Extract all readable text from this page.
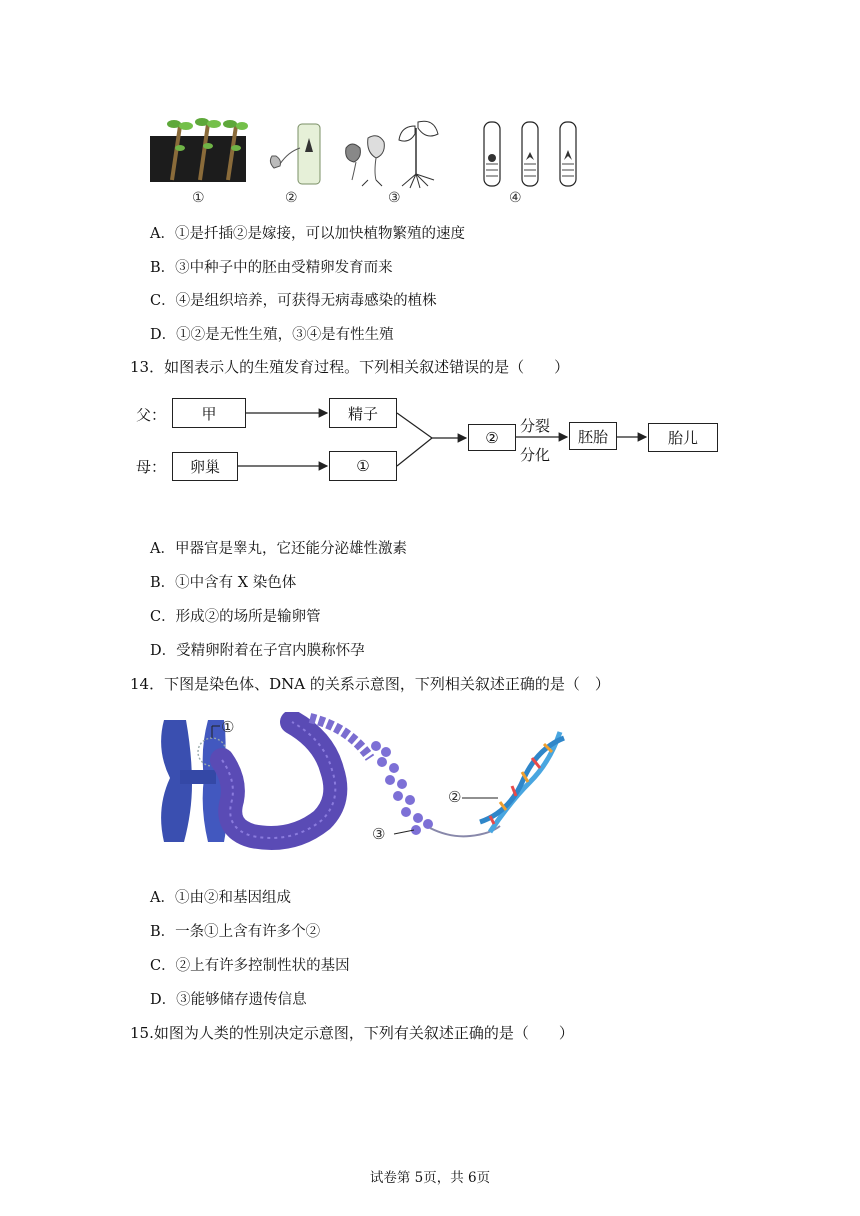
①	②	③	④
A．①是扦插②是嫁接，可以加快植物繁殖的速度
B．③中种子中的胚由受精卵发育而来
C．④是组织培养，可获得无病毒感染的植株
D．①②是无性生殖，③④是有性生殖
13．如图表示人的生殖发育过程。下列相关叙述错误的是（　　）
父：
母：
甲	精子
卵巢	①
②	胚胎	胎儿
分裂
分化
A．甲器官是睾丸，它还能分泌雄性激素
B．①中含有 X 染色体
C．形成②的场所是输卵管
D．受精卵附着在子宫内膜称怀孕
14．下图是染色体、DNA 的关系示意图，下列相关叙述正确的是（　）
①
②
③
A．①由②和基因组成
B．一条①上含有许多个②
C．②上有许多控制性状的基因
D．③能够储存遗传信息
15.如图为人类的性别决定示意图，下列有关叙述正确的是（　　）
试卷第 5页，共 6页
